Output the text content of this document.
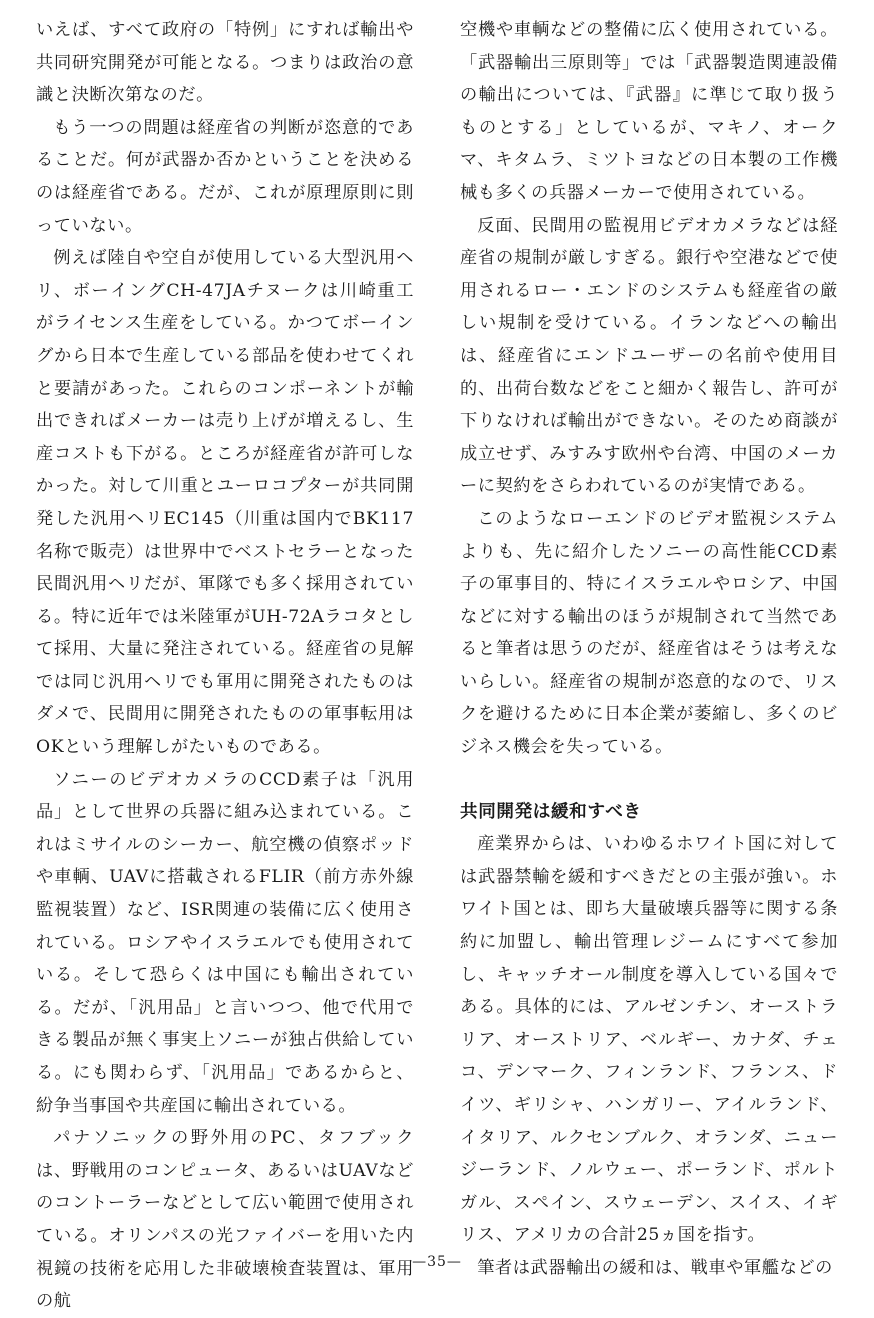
いえば、すべて政府の「特例」にすれば輸出や共同研究開発が可能となる。つまりは政治の意識と決断次第なのだ。

もう一つの問題は経産省の判断が恣意的であることだ。何が武器か否かということを決めるのは経産省である。だが、これが原理原則に則っていない。

例えば陸自や空自が使用している大型汎用ヘリ、ボーイングCH-47JAチヌークは川崎重工がライセンス生産をしている。かつてボーイングから日本で生産している部品を使わせてくれと要請があった。これらのコンポーネントが輸出できればメーカーは売り上げが増えるし、生産コストも下がる。ところが経産省が許可しなかった。対して川重とユーロコプターが共同開発した汎用ヘリEC145（川重は国内でBK117名称で販売）は世界中でベストセラーとなった民間汎用ヘリだが、軍隊でも多く採用されている。特に近年では米陸軍がUH-72Aラコタとして採用、大量に発注されている。経産省の見解では同じ汎用ヘリでも軍用に開発されたものはダメで、民間用に開発されたものの軍事転用はOKという理解しがたいものである。

ソニーのビデオカメラのCCD素子は「汎用品」として世界の兵器に組み込まれている。これはミサイルのシーカー、航空機の偵察ポッドや車輌、UAVに搭載されるFLIR（前方赤外線監視装置）など、ISR関連の装備に広く使用されている。ロシアやイスラエルでも使用されている。そして恐らくは中国にも輸出されている。だが、「汎用品」と言いつつ、他で代用できる製品が無く事実上ソニーが独占供給している。にも関わらず、「汎用品」であるからと、紛争当事国や共産国に輸出されている。

パナソニックの野外用のPC、タフブックは、野戦用のコンピュータ、あるいはUAVなどのコントーラーなどとして広い範囲で使用されている。オリンパスの光ファイバーを用いた内視鏡の技術を応用した非破壊検査装置は、軍用の航

空機や車輌などの整備に広く使用されている。「武器輸出三原則等」では「武器製造関連設備の輸出については、『武器』に準じて取り扱うものとする」としているが、マキノ、オークマ、キタムラ、ミツトヨなどの日本製の工作機械も多くの兵器メーカーで使用されている。

反面、民間用の監視用ビデオカメラなどは経産省の規制が厳しすぎる。銀行や空港などで使用されるロー・エンドのシステムも経産省の厳しい規制を受けている。イランなどへの輸出は、経産省にエンドユーザーの名前や使用目的、出荷台数などをこと細かく報告し、許可が下りなければ輸出ができない。そのため商談が成立せず、みすみす欧州や台湾、中国のメーカーに契約をさらわれているのが実情である。

このようなローエンドのビデオ監視システムよりも、先に紹介したソニーの高性能CCD素子の軍事目的、特にイスラエルやロシア、中国などに対する輸出のほうが規制されて当然であると筆者は思うのだが、経産省はそうは考えないらしい。経産省の規制が恣意的なので、リスクを避けるために日本企業が萎縮し、多くのビジネス機会を失っている。

共同開発は緩和すべき

産業界からは、いわゆるホワイト国に対しては武器禁輸を緩和すべきだとの主張が強い。ホワイト国とは、即ち大量破壊兵器等に関する条約に加盟し、輸出管理レジームにすべて参加し、キャッチオール制度を導入している国々である。具体的には、アルゼンチン、オーストラリア、オーストリア、ベルギー、カナダ、チェコ、デンマーク、フィンランド、フランス、ドイツ、ギリシャ、ハンガリー、アイルランド、イタリア、ルクセンブルク、オランダ、ニュージーランド、ノルウェー、ポーランド、ポルトガル、スペイン、スウェーデン、スイス、イギリス、アメリカの合計25ヵ国を指す。

筆者は武器輸出の緩和は、戦車や軍艦などの

—35—
